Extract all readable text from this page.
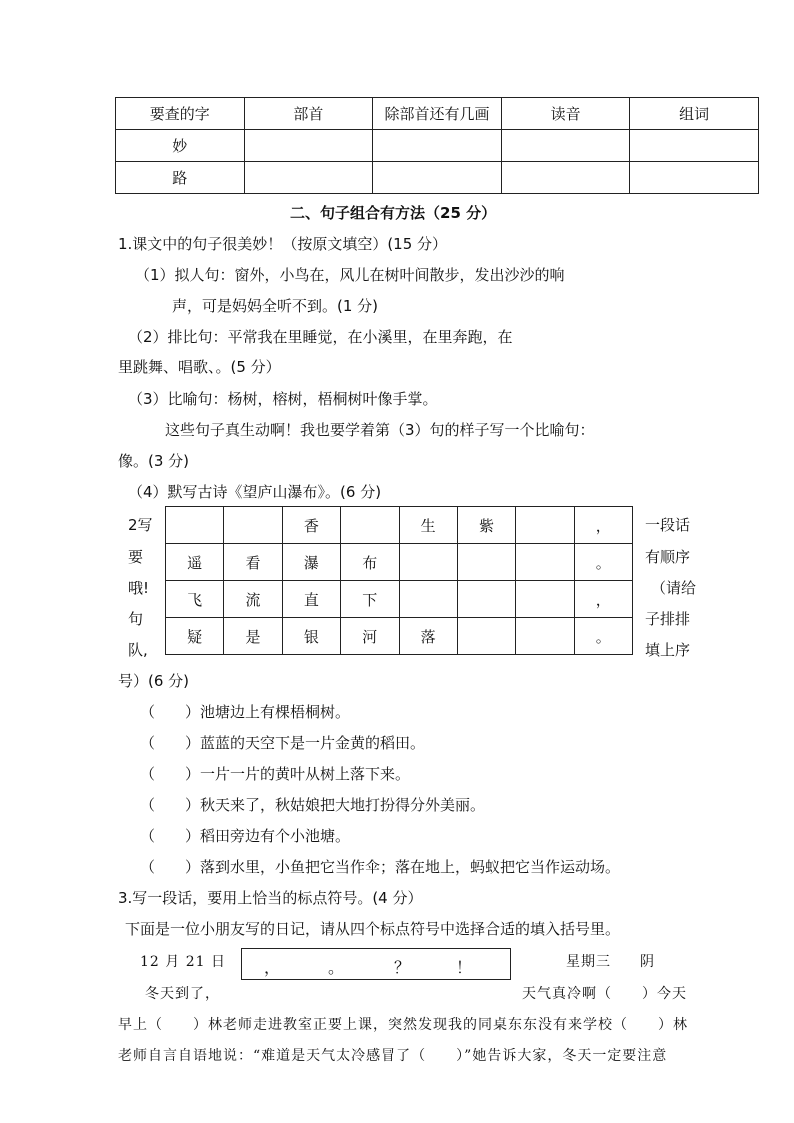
要查的字	部首	除部首还有几画	读音	组词
妙				
路				
二、句子组合有方法（25 分）
1.课文中的句子很美妙！（按原文填空）(15 分）
（1）拟人句：窗外，小鸟在，风儿在树叶间散步，发出沙沙的响
声，可是妈妈全听不到。(1 分)
（2）排比句：平常我在里睡觉，在小溪里，在里奔跑，在
里跳舞、唱歌、。(5 分）
（3）比喻句：杨树，榕树，梧桐树叶像手掌。
这些句子真生动啊！我也要学着第（3）句的样子写一个比喻句：
像。(3 分)
（4）默写古诗《望庐山瀑布》。(6 分)
2写
要
哦!
句
队,
		香		生	紫		，
遥	看	瀑	布				。
飞	流	直	下				，
疑	是	银	河	落			。
一段话
有顺序
（请给
子排排
填上序
号）(6 分)
（　　）池塘边上有棵梧桐树。
（　　）蓝蓝的天空下是一片金黄的稻田。
（　　）一片一片的黄叶从树上落下来。
（　　）秋天来了，秋姑娘把大地打扮得分外美丽。
（　　）稻田旁边有个小池塘。
（　　）落到水里，小鱼把它当作伞；落在地上，蚂蚁把它当作运动场。
3.写一段话，要用上恰当的标点符号。(4 分）
下面是一位小朋友写的日记，请从四个标点符号中选择合适的填入括号里。
12 月 21 日 ，	。	？	！	星期三 阴
冬天到了，	天气真冷啊（　　）今天
早上（　　）林老师走进教室正要上课，突然发现我的同桌东东没有来学校（　　）林
老师自言自语地说：“难道是天气太冷感冒了（　　）”她告诉大家，冬天一定要注意
